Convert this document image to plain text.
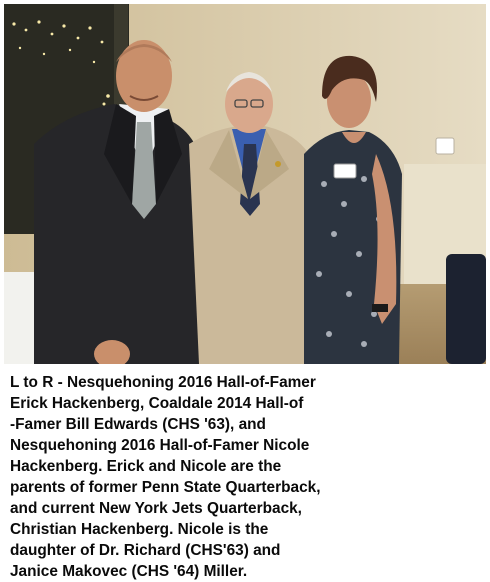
L to R - Nesquehoning 2016 Hall-of-Famer
Erick Hackenberg, Coaldale 2014 Hall-of
-Famer Bill Edwards (CHS '63), and
Nesquehoning 2016 Hall-of-Famer Nicole
Hackenberg. Erick and Nicole are the
parents of former Penn State Quarterback,
and current New York Jets Quarterback,
Christian Hackenberg. Nicole is the
daughter of Dr. Richard (CHS'63) and
Janice Makovec (CHS '64) Miller.
